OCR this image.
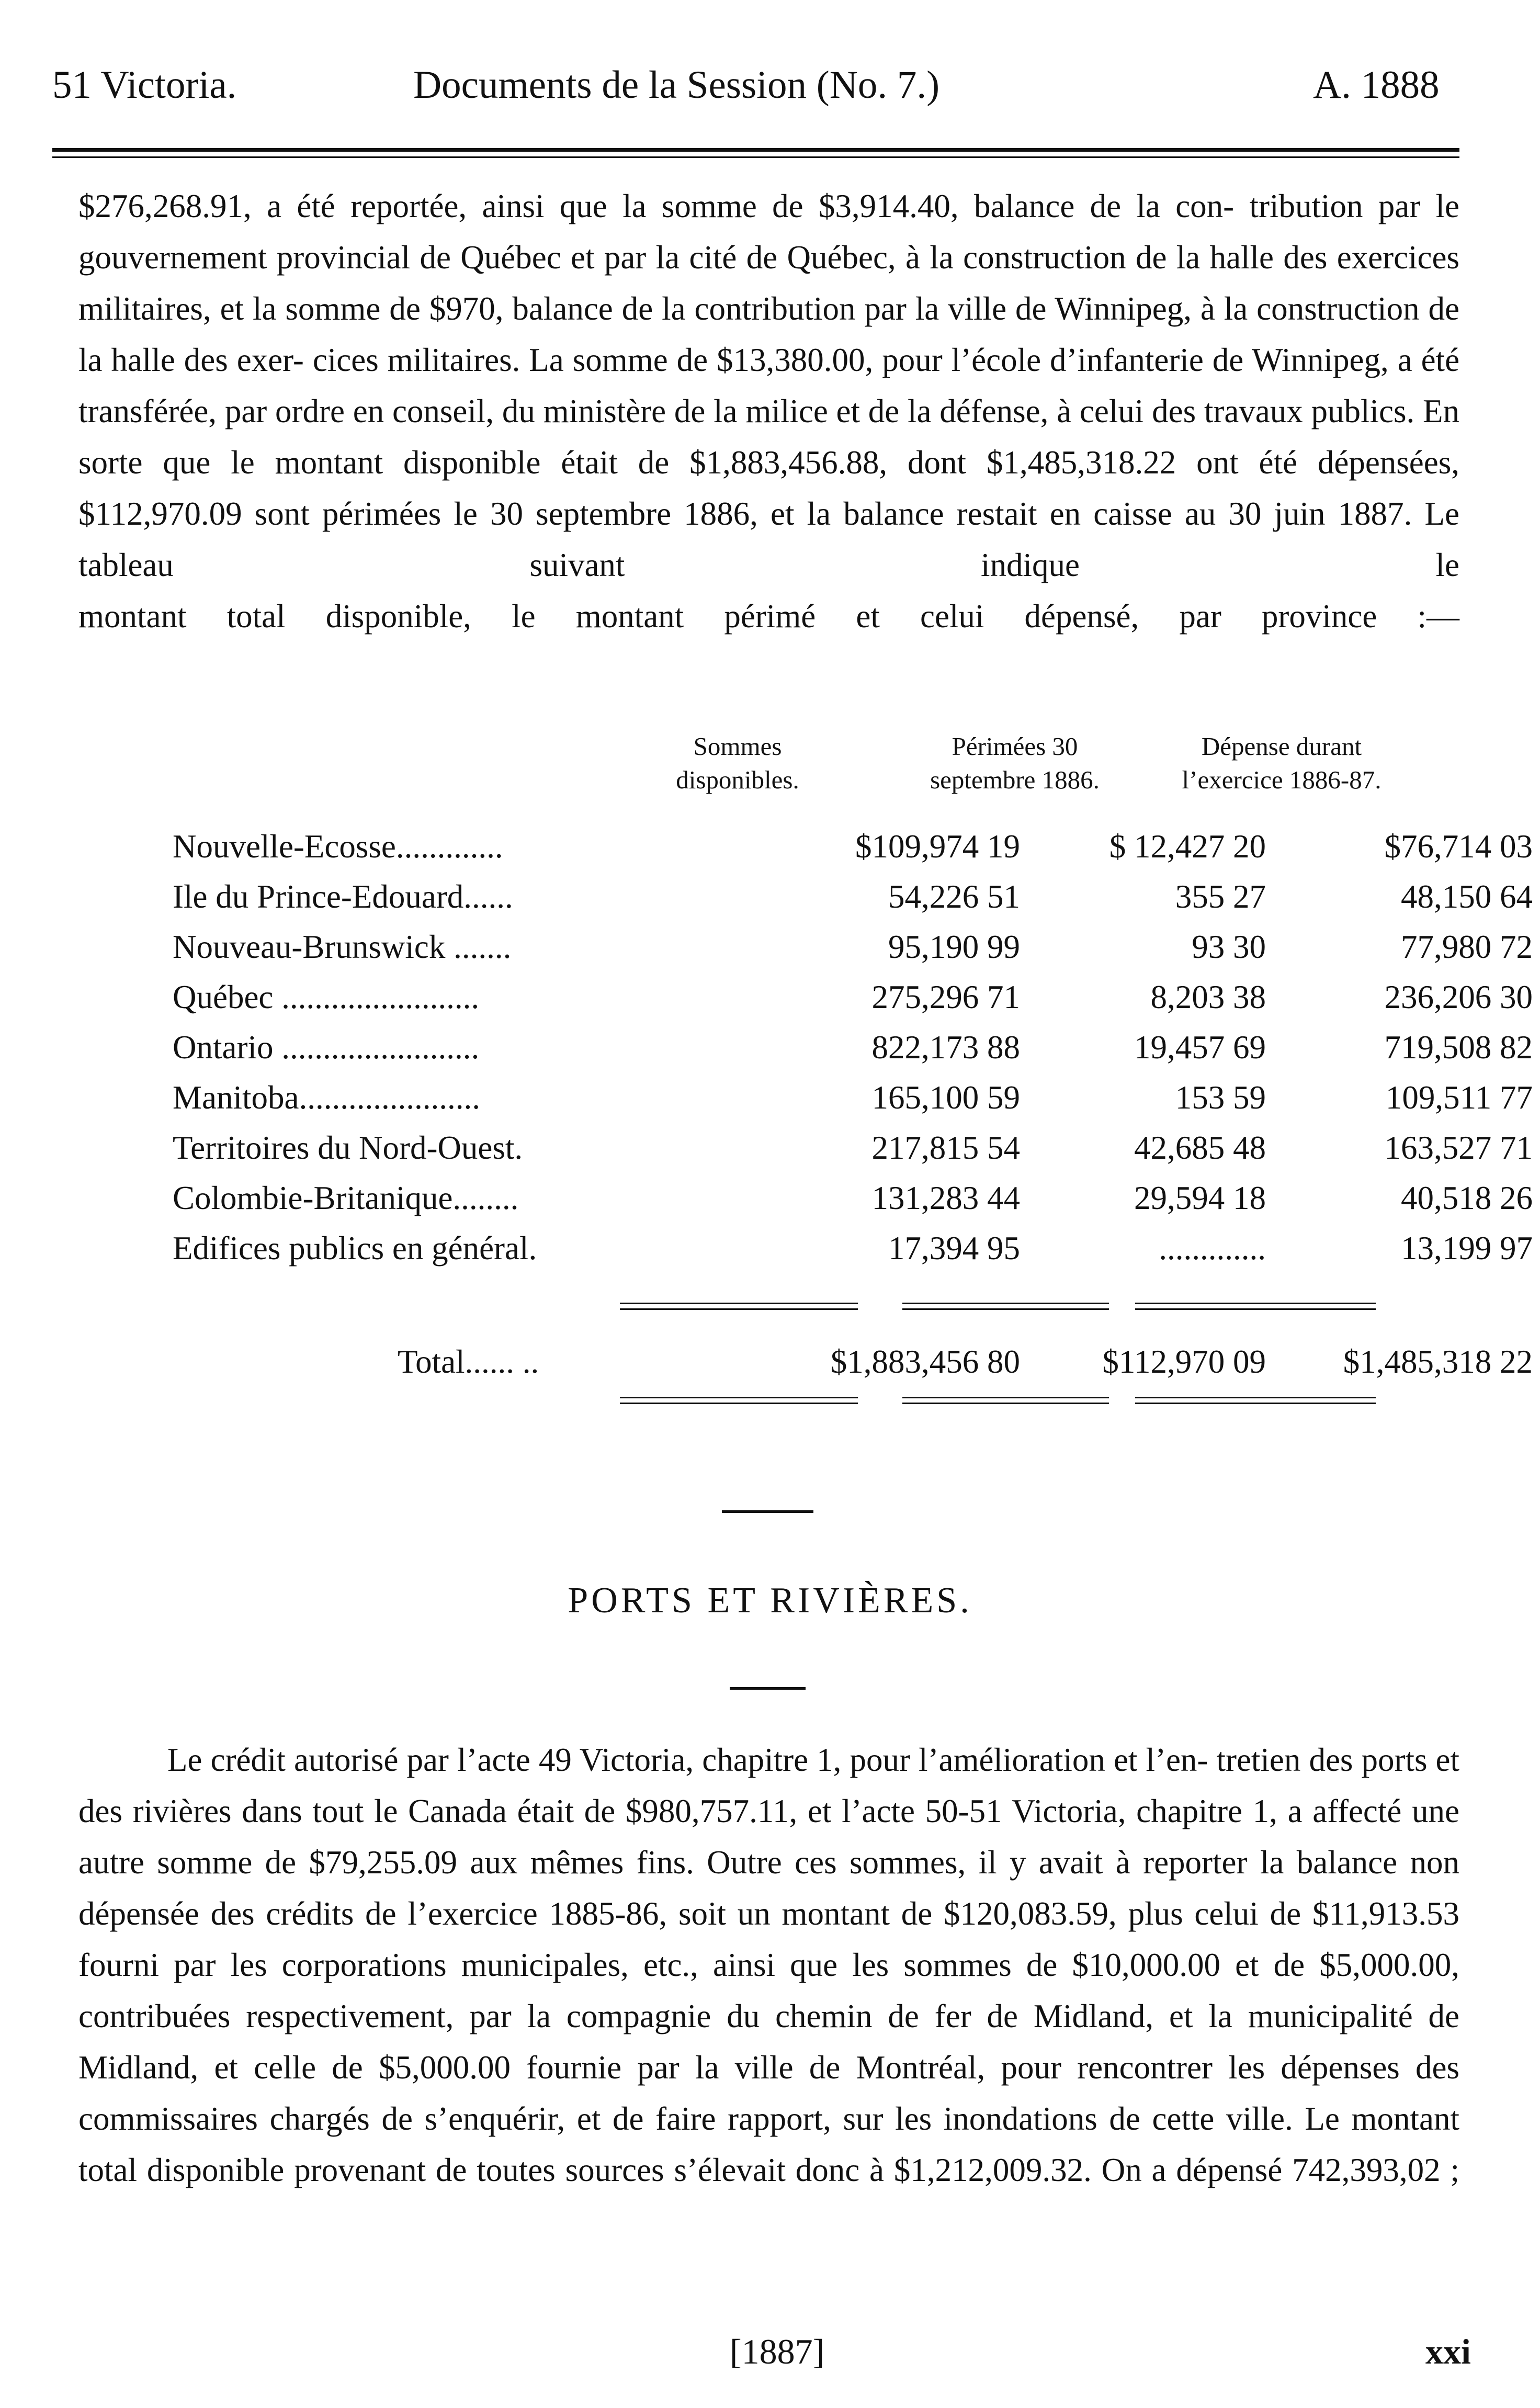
51 Victoria.	Documents de la Session (No. 7.)	A. 1888
$276,268.91, a été reportée, ainsi que la somme de $3,914.40, balance de la con- tribution par le gouvernement provincial de Québec et par la cité de Québec, à la construction de la halle des exercices militaires, et la somme de $970, balance de la contribution par la ville de Winnipeg, à la construction de la halle des exer- cices militaires. La somme de $13,380.00, pour l’école d’infanterie de Winnipeg, a été transférée, par ordre en conseil, du ministère de la milice et de la défense, à celui des travaux publics. En sorte que le montant disponible était de $1,883,456.88, dont $1,485,318.22 ont été dépensées, $112,970.09 sont périmées le 30 septembre 1886, et la balance restait en caisse au 30 juin 1887. Le tableau suivant indique le
montant total disponible, le montant périmé et celui dépensé, par province :—
Sommes
disponibles.
Périmées 30
septembre 1886.
Dépense durant
l’exercice 1886-87.
Nouvelle-Ecosse.............	$109,974 19	$ 12,427 20	$76,714 03
Ile du Prince-Edouard......	54,226 51	355 27	48,150 64
Nouveau-Brunswick .......	95,190 99	93 30	77,980 72
Québec ........................	275,296 71	8,203 38	236,206 30
Ontario ........................	822,173 88	19,457 69	719,508 82
Manitoba......................	165,100 59	153 59	109,511 77
Territoires du Nord-Ouest.	217,815 54	42,685 48	163,527 71
Colombie-Britanique........	131,283 44	29,594 18	40,518 26
Edifices publics en général.	17,394 95	.............	13,199 97
Total...... ..	$1,883,456 80	$112,970 09	$1,485,318 22
PORTS ET RIVIÈRES.
Le crédit autorisé par l’acte 49 Victoria, chapitre 1, pour l’amélioration et l’en- tretien des ports et des rivières dans tout le Canada était de $980,757.11, et l’acte 50-51 Victoria, chapitre 1, a affecté une autre somme de $79,255.09 aux mêmes fins. Outre ces sommes, il y avait à reporter la balance non dépensée des crédits de l’exercice 1885-86, soit un montant de $120,083.59, plus celui de $11,913.53 fourni par les corporations municipales, etc., ainsi que les sommes de $10,000.00 et de $5,000.00, contribuées respectivement, par la compagnie du chemin de fer de Midland, et la municipalité de Midland, et celle de $5,000.00 fournie par la ville de Montréal, pour rencontrer les dépenses des commissaires chargés de s’enquérir, et de faire rapport, sur les inondations de cette ville. Le montant total disponible provenant de toutes sources s’élevait donc à $1,212,009.32. On a dépensé 742,393,02 ;
[1887]	xxi
